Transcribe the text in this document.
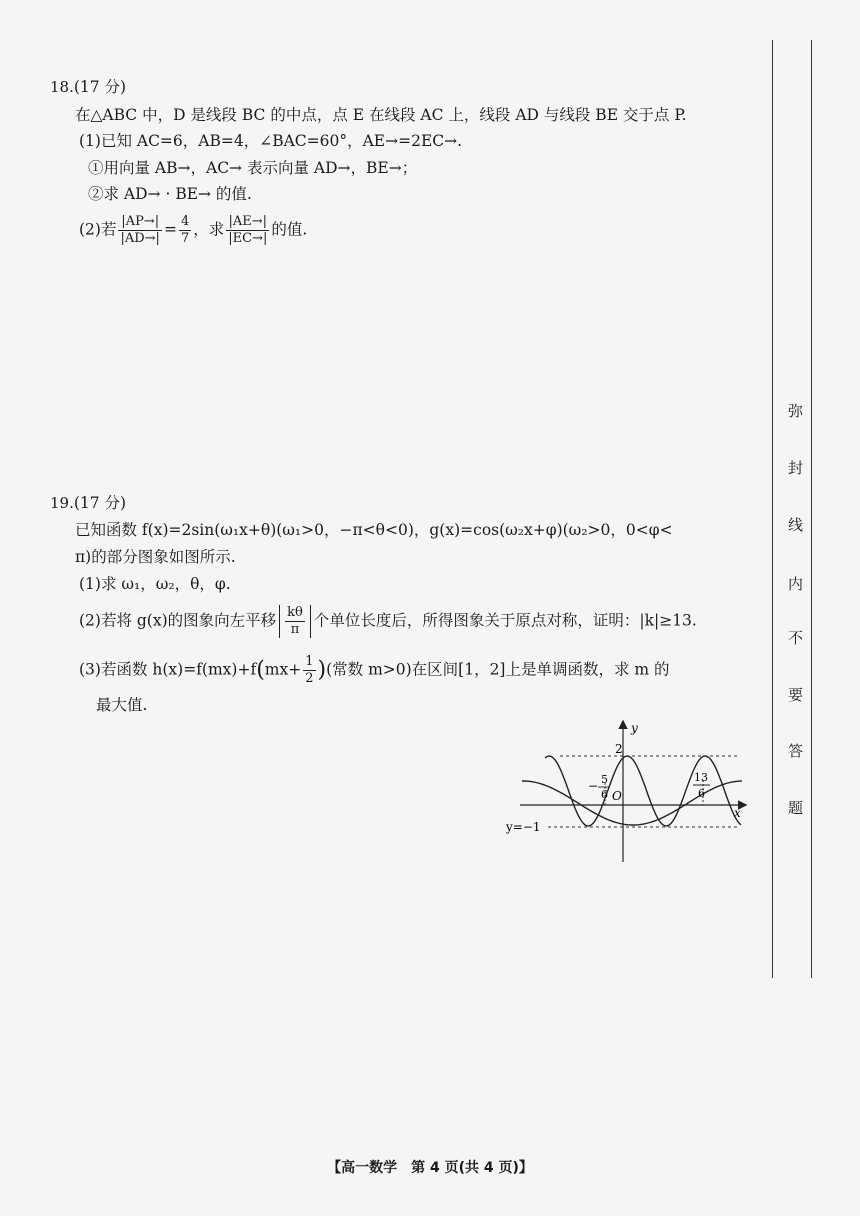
18.(17 分)
在△ABC 中，D 是线段 BC 的中点，点 E 在线段 AC 上，线段 AD 与线段 BE 交于点 P.
(1)已知 AC=6，AB=4，∠BAC=60°，AE→=2EC→.
①用向量 AB→，AC→ 表示向量 AD→，BE→；
②求 AD→ · BE→ 的值.
(2)若 $\frac{|AP\to|}{|AD\to|} = \frac{4}{7}$ ，求 $\frac{|AE\to|}{|EC\to|}$ 的值.
19.(17 分)
已知函数 f(x)=2sin(ω₁x+θ)(ω₁>0，−π<θ<0)，g(x)=cos(ω₂x+φ)(ω₂>0，0<φ<
π)的部分图象如图所示.
(1)求 ω₁，ω₂，θ，φ.
(2)若将 g(x)的图象向左平移 $\frac{k\theta}{\pi}$ 个单位长度后，所得图象关于原点对称，证明：|k|≥13.
(3)若函数 $h(x)=f(mx)+f(mx+ \frac{1}{2}$ )(常数 m>0)在区间[1，2]上是单调函数，求 m 的
最大值.
y
x
O
2
y=−1
− 5
6
13
6
弥
封
线
内
不
要
答
题
【高一数学　第 4 页(共 4 页)】
